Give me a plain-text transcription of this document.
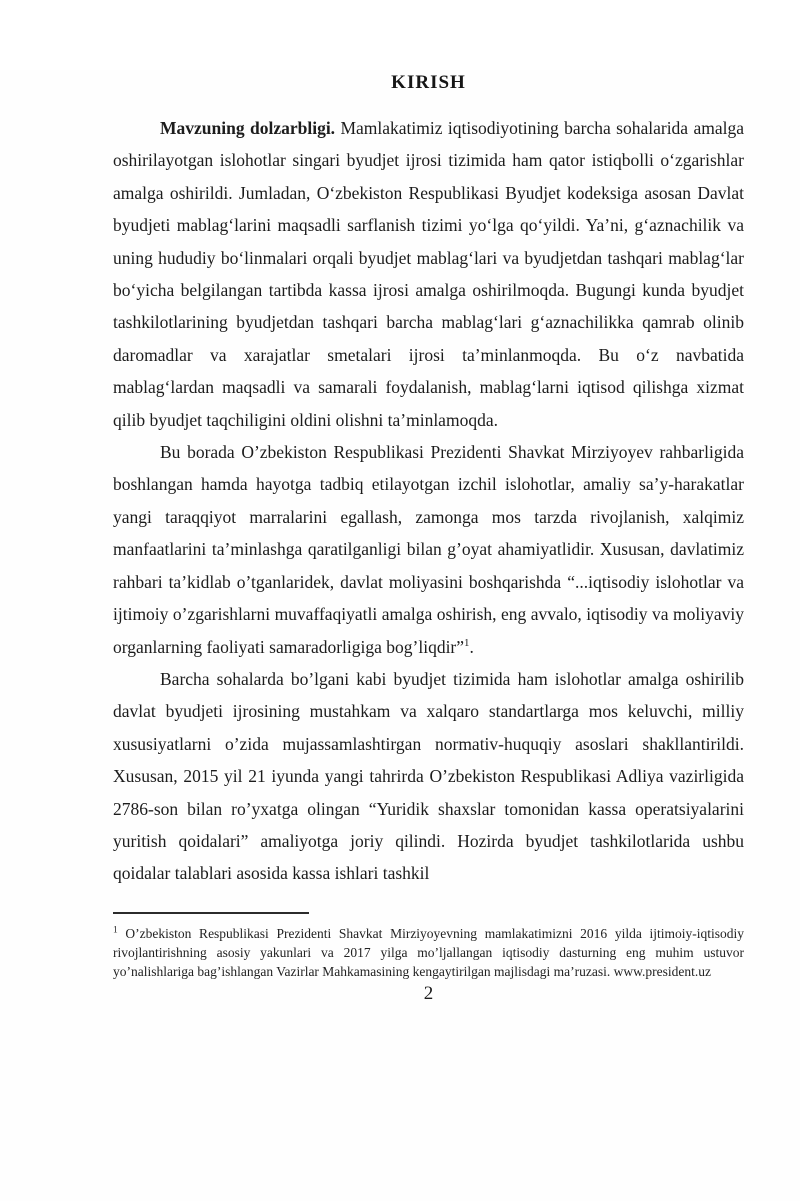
KIRISH

Mavzuning dolzarbligi. Mamlakatimiz iqtisodiyotining barcha sohalarida amalga oshirilayotgan islohotlar singari byudjet ijrosi tizimida ham qator istiqbolli o‘zgarishlar amalga oshirildi. Jumladan, O‘zbekiston Respublikasi Byudjet kodeksiga asosan Davlat byudjeti mablag‘larini maqsadli sarflanish tizimi yo‘lga qo‘yildi. Ya’ni, g‘aznachilik va uning hududiy bo‘linmalari orqali byudjet mablag‘lari va byudjetdan tashqari mablag‘lar bo‘yicha belgilangan tartibda kassa ijrosi amalga oshirilmoqda. Bugungi kunda byudjet tashkilotlarining byudjetdan tashqari barcha mablag‘lari g‘aznachilikka qamrab olinib daromadlar va xarajatlar smetalari ijrosi ta’minlanmoqda. Bu o‘z navbatida mablag‘lardan maqsadli va samarali foydalanish, mablag‘larni iqtisod qilishga xizmat qilib byudjet taqchiligini oldini olishni ta’minlamoqda.

Bu borada O’zbekiston Respublikasi Prezidenti Shavkat Mirziyoyev rahbarligida boshlangan hamda hayotga tadbiq etilayotgan izchil islohotlar, amaliy sa’y-harakatlar yangi taraqqiyot marralarini egallash, zamonga mos tarzda rivojlanish, xalqimiz manfaatlarini ta’minlashga qaratilganligi bilan g’oyat ahamiyatlidir. Xususan, davlatimiz rahbari ta’kidlab o’tganlaridek, davlat moliyasini boshqarishda “...iqtisodiy islohotlar va ijtimoiy o’zgarishlarni muvaffaqiyatli amalga oshirish, eng avvalo, iqtisodiy va moliyaviy organlarning faoliyati samaradorligiga bog’liqdir”$^1$.

Barcha sohalarda bo’lgani kabi byudjet tizimida ham islohotlar amalga oshirilib davlat byudjeti ijrosining mustahkam va xalqaro standartlarga mos keluvchi, milliy xususiyatlarni o’zida mujassamlashtirgan normativ-huquqiy asoslari shakllantirildi. Xususan, 2015 yil 21 iyunda yangi tahrirda O’zbekiston Respublikasi Adliya vazirligida 2786-son bilan ro’yxatga olingan “Yuridik shaxslar tomonidan kassa operatsiyalarini yuritish qoidalari” amaliyotga joriy qilindi. Hozirda byudjet tashkilotlarida ushbu qoidalar talablari asosida kassa ishlari tashkil

$^1$ O’zbekiston Respublikasi Prezidenti Shavkat Mirziyoyevning mamlakatimizni 2016 yilda ijtimoiy-iqtisodiy rivojlantirishning asosiy yakunlari va 2017 yilga mo’ljallangan iqtisodiy dasturning eng muhim ustuvor yo’nalishlariga bag’ishlangan Vazirlar Mahkamasining kengaytirilgan majlisdagi ma’ruzasi. www.president.uz
2
